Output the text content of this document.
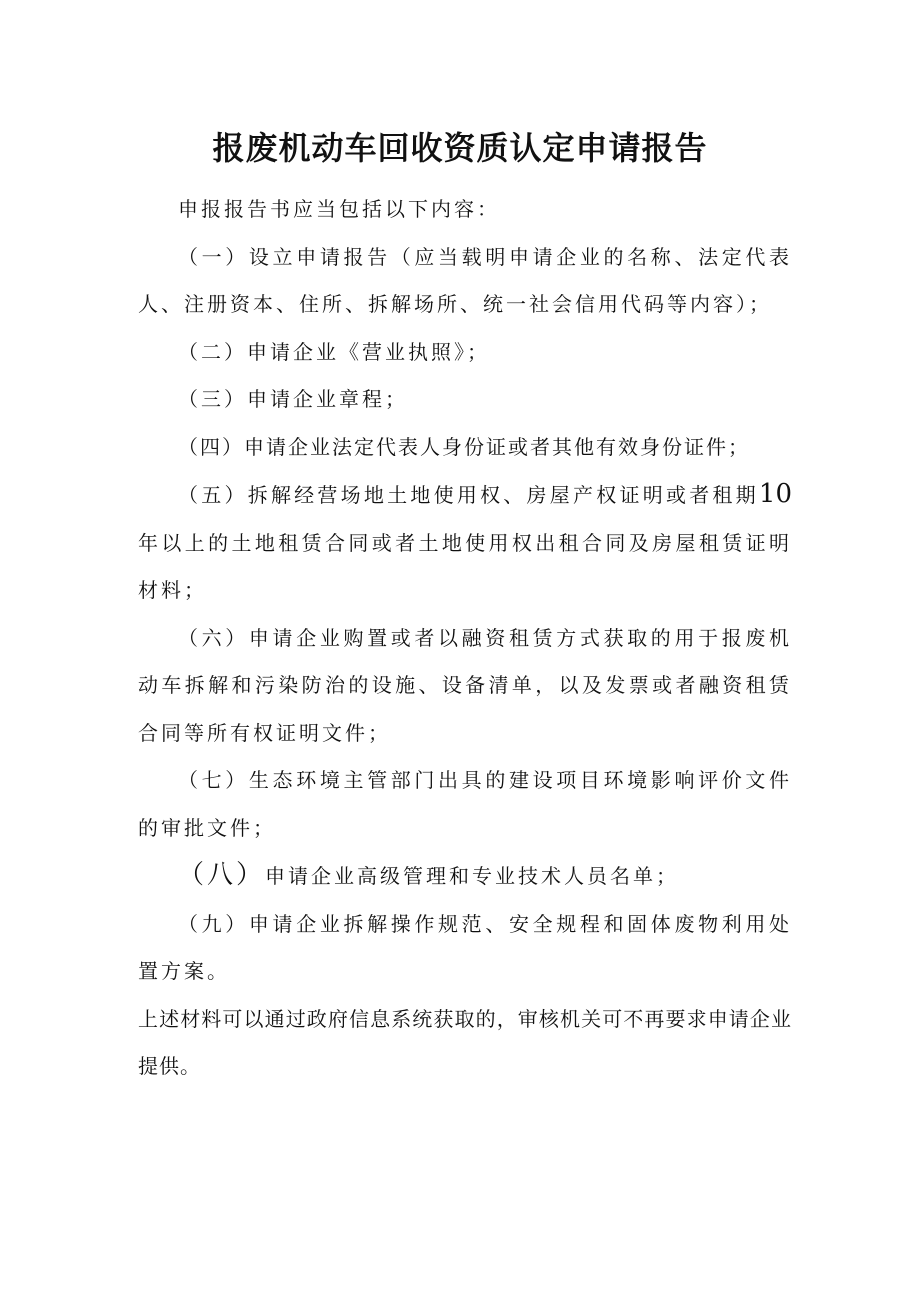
报废机动车回收资质认定申请报告

申报报告书应当包括以下内容：

（一）设立申请报告（应当载明申请企业的名称、法定代表人、注册资本、住所、拆解场所、统一社会信用代码等内容）；

（二）申请企业《营业执照》；

（三）申请企业章程；

（四）申请企业法定代表人身份证或者其他有效身份证件；

（五）拆解经营场地土地使用权、房屋产权证明或者租期10年以上的土地租赁合同或者土地使用权出租合同及房屋租赁证明材料；

（六）申请企业购置或者以融资租赁方式获取的用于报废机动车拆解和污染防治的设施、设备清单，以及发票或者融资租赁合同等所有权证明文件；

（七）生态环境主管部门出具的建设项目环境影响评价文件的审批文件；

（八）申请企业高级管理和专业技术人员名单；

（九）申请企业拆解操作规范、安全规程和固体废物利用处置方案。

上述材料可以通过政府信息系统获取的，审核机关可不再要求申请企业提供。
